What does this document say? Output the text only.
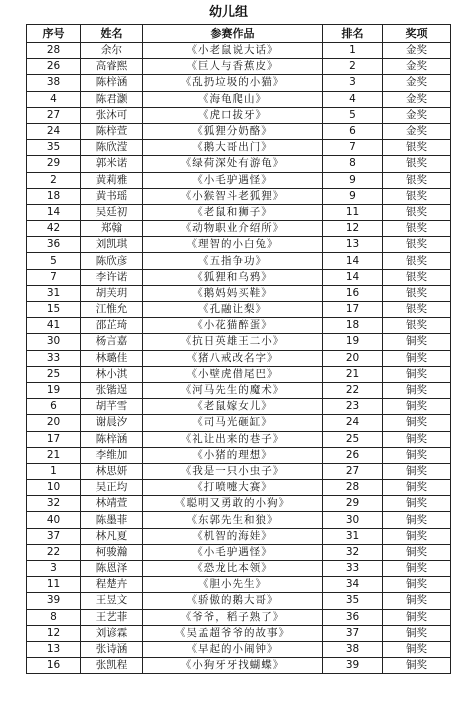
幼儿组
序号	姓名	参赛作品	排名	奖项
28	余尔	《小老鼠说大话》	1	金奖
26	高睿熙	《巨人与香蕉皮》	2	金奖
38	陈梓涵	《乱扔垃圾的小猫》	3	金奖
4	陈君灏	《海龟爬山》	4	金奖
27	张沐可	《虎口拔牙》	5	金奖
24	陈梓萱	《狐狸分奶酪》	6	金奖
35	陈欣滢	《鹅大哥出门》	7	银奖
29	郭米诺	《绿荷深处有游龟》	8	银奖
2	黄莉雅	《小毛驴遇怪》	9	银奖
18	黄书瑶	《小猴智斗老狐狸》	9	银奖
14	吴廷初	《老鼠和狮子》	11	银奖
42	郑翰	《动物职业介绍所》	12	银奖
36	刘凯琪	《理智的小白兔》	13	银奖
5	陈欣彦	《五指争功》	14	银奖
7	李许诺	《狐狸和乌鸦》	14	银奖
31	胡芙玥	《鹅妈妈买鞋》	16	银奖
15	江惟允	《孔融让梨》	17	银奖
41	邵芷琦	《小花猫醉蛋》	18	银奖
30	杨言嘉	《抗日英雄王二小》	19	铜奖
33	林璐佳	《猪八戒改名字》	20	铜奖
25	林小淇	《小壁虎借尾巴》	21	铜奖
19	张锴逞	《河马先生的魔术》	22	铜奖
6	胡芊雪	《老鼠嫁女儿》	23	铜奖
20	谢晨汐	《司马光砸缸》	24	铜奖
17	陈梓涵	《礼让出来的巷子》	25	铜奖
21	李维加	《小猪的理想》	26	铜奖
1	林思妍	《我是一只小虫子》	27	铜奖
10	吴正均	《打喷嚏大赛》	28	铜奖
32	林靖萱	《聪明又勇敢的小狗》	29	铜奖
40	陈墨菲	《东郭先生和狼》	30	铜奖
37	林凡夏	《机智的海娃》	31	铜奖
22	柯骏瀚	《小毛驴遇怪》	32	铜奖
3	陈恩泽	《恐龙比本领》	33	铜奖
11	程楚卉	《胆小先生》	34	铜奖
39	王昱文	《骄傲的鹅大哥》	35	铜奖
8	王艺菲	《爷爷，稻子熟了》	36	铜奖
12	刘谚霖	《吴孟超爷爷的故事》	37	铜奖
13	张诗涵	《早起的小闹钟》	38	铜奖
16	张凯程	《小狗牙牙找蝴蝶》	39	铜奖
